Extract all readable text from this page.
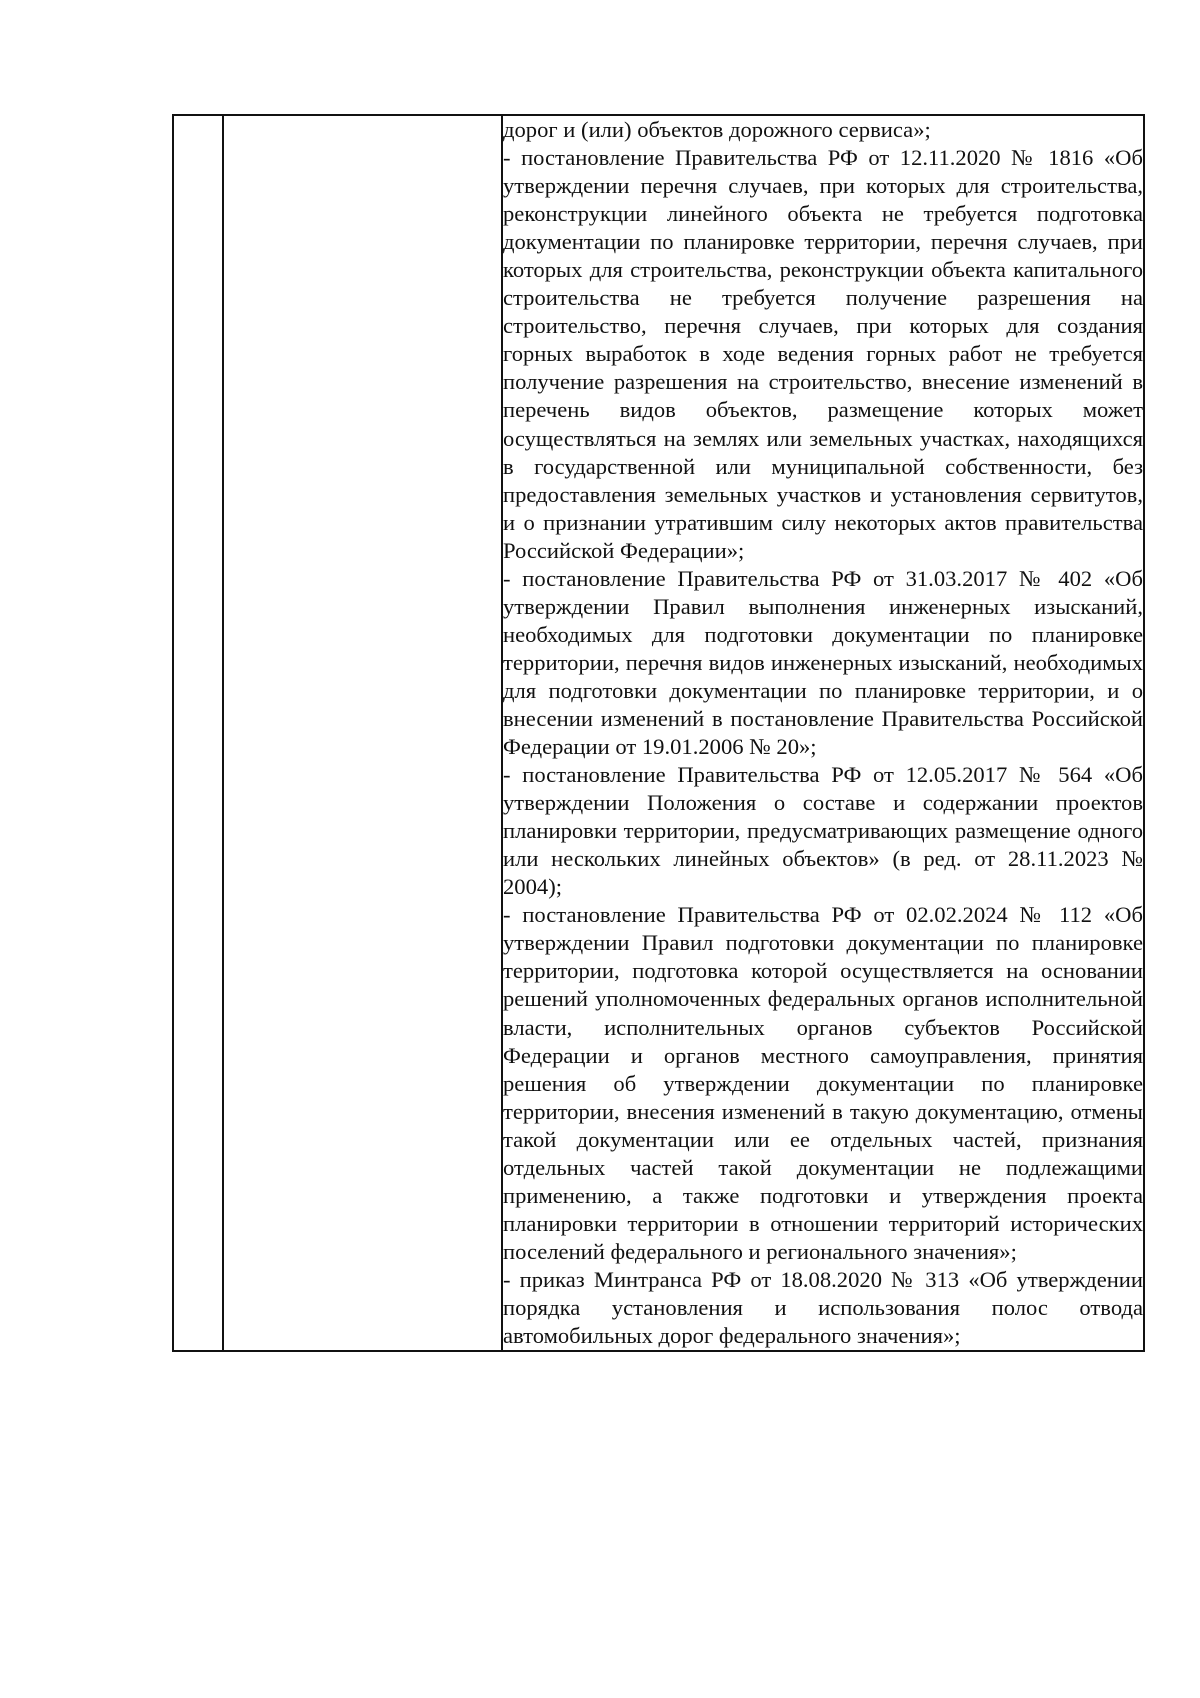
дорог и (или) объектов дорожного сервиса»;

- постановление Правительства РФ от 12.11.2020 № 1816 «Об утверждении перечня случаев, при которых для строительства, реконструкции линейного объекта не требуется подготовка документации по планировке территории, перечня случаев, при которых для строительства, реконструкции объекта капитального строительства не требуется получение разрешения на строительство, перечня случаев, при которых для создания горных выработок в ходе ведения горных работ не требуется получение разрешения на строительство, внесение изменений в перечень видов объектов, размещение которых может осуществляться на землях или земельных участках, находящихся в государственной или муниципальной собственности, без предоставления земельных участков и установления сервитутов, и о признании утратившим силу некоторых актов правительства Российской Федерации»;

- постановление Правительства РФ от 31.03.2017 № 402 «Об утверждении Правил выполнения инженерных изысканий, необходимых для подготовки документации по планировке территории, перечня видов инженерных изысканий, необходимых для подготовки документации по планировке территории, и о внесении изменений в постановление Правительства Российской Федерации от 19.01.2006 № 20»;

- постановление Правительства РФ от 12.05.2017 № 564 «Об утверждении Положения о составе и содержании проектов планировки территории, предусматривающих размещение одного или нескольких линейных объектов» (в ред. от 28.11.2023 № 2004);

- постановление Правительства РФ от 02.02.2024 № 112 «Об утверждении Правил подготовки документации по планировке территории, подготовка которой осуществляется на основании решений уполномоченных федеральных органов исполнительной власти, исполнительных органов субъектов Российской Федерации и органов местного самоуправления, принятия решения об утверждении документации по планировке территории, внесения изменений в такую документацию, отмены такой документации или ее отдельных частей, признания отдельных частей такой документации не подлежащими применению, а также подготовки и утверждения проекта планировки территории в отношении территорий исторических поселений федерального и регионального значения»;

- приказ Минтранса РФ от 18.08.2020 № 313 «Об утверждении порядка установления и использования полос отвода автомобильных дорог федерального значения»;
